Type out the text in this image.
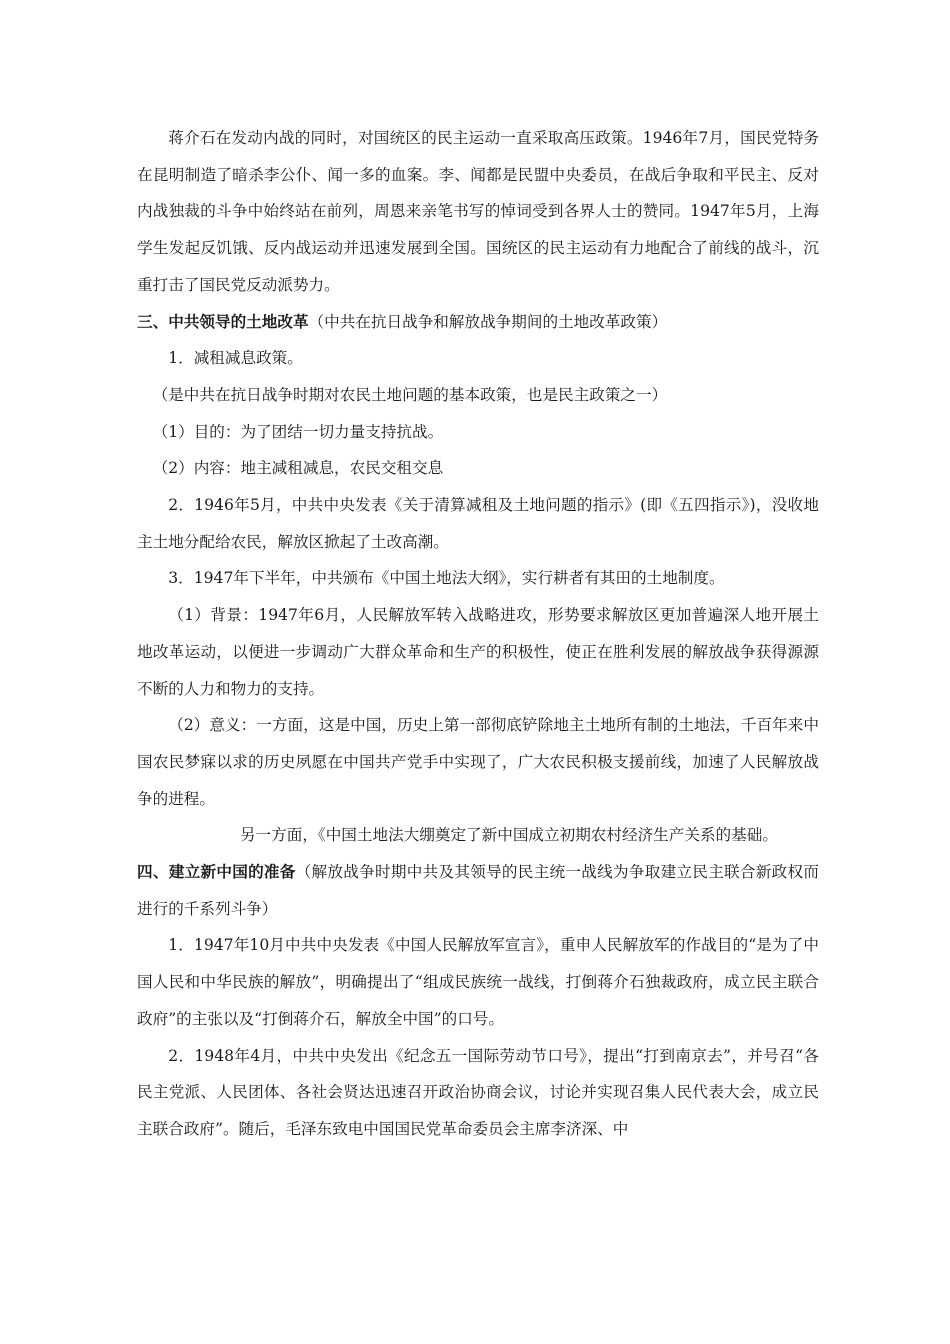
蒋介石在发动内战的同时，对国统区的民主运动一直采取高压政策。1946年7月，国民党特务在昆明制造了暗杀李公仆、闻一多的血案。李、闻都是民盟中央委员，在战后争取和平民主、反对内战独裁的斗争中始终站在前列，周恩来亲笔书写的悼词受到各界人士的赞同。1947年5月，上海学生发起反饥饿、反内战运动并迅速发展到全国。国统区的民主运动有力地配合了前线的战斗，沉重打击了国民党反动派势力。

三、中共领导的土地改革（中共在抗日战争和解放战争期间的土地改革政策）

1．减租减息政策。

（是中共在抗日战争时期对农民土地问题的基本政策，也是民主政策之一）

（1）目的：为了团结一切力量支持抗战。

（2）内容：地主减租减息，农民交租交息

2．1946年5月，中共中央发表《关于清算减租及土地问题的指示》(即《五四指示》)，没收地主土地分配给农民，解放区掀起了土改高潮。

3．1947年下半年，中共颁布《中国土地法大纲》，实行耕者有其田的土地制度。

（1）背景：1947年6月，人民解放军转入战略进攻，形势要求解放区更加普遍深人地开展土地改革运动，以便进一步调动广大群众革命和生产的积极性，使正在胜利发展的解放战争获得源源不断的人力和物力的支持。

（2）意义：一方面，这是中国，历史上第一部彻底铲除地主土地所有制的土地法，千百年来中国农民梦寐以求的历史夙愿在中国共产党手中实现了，广大农民积极支援前线，加速了人民解放战争的进程。

另一方面，《中国土地法大绷奠定了新中国成立初期农村经济生产关系的基础。

四、建立新中国的准备（解放战争时期中共及其领导的民主统一战线为争取建立民主联合新政权而进行的千系列斗争）

1．1947年10月中共中央发表《中国人民解放军宣言》，重申人民解放军的作战目的“是为了中国人民和中华民族的解放”，明确提出了“组成民族统一战线，打倒蒋介石独裁政府，成立民主联合政府”的主张以及“打倒蒋介石，解放全中国”的口号。

2．1948年4月，中共中央发出《纪念五一国际劳动节口号》，提出“打到南京去”，并号召“各民主党派、人民团体、各社会贤达迅速召开政治协商会议，讨论并实现召集人民代表大会，成立民主联合政府”。随后，毛泽东致电中国国民党革命委员会主席李济深、中
